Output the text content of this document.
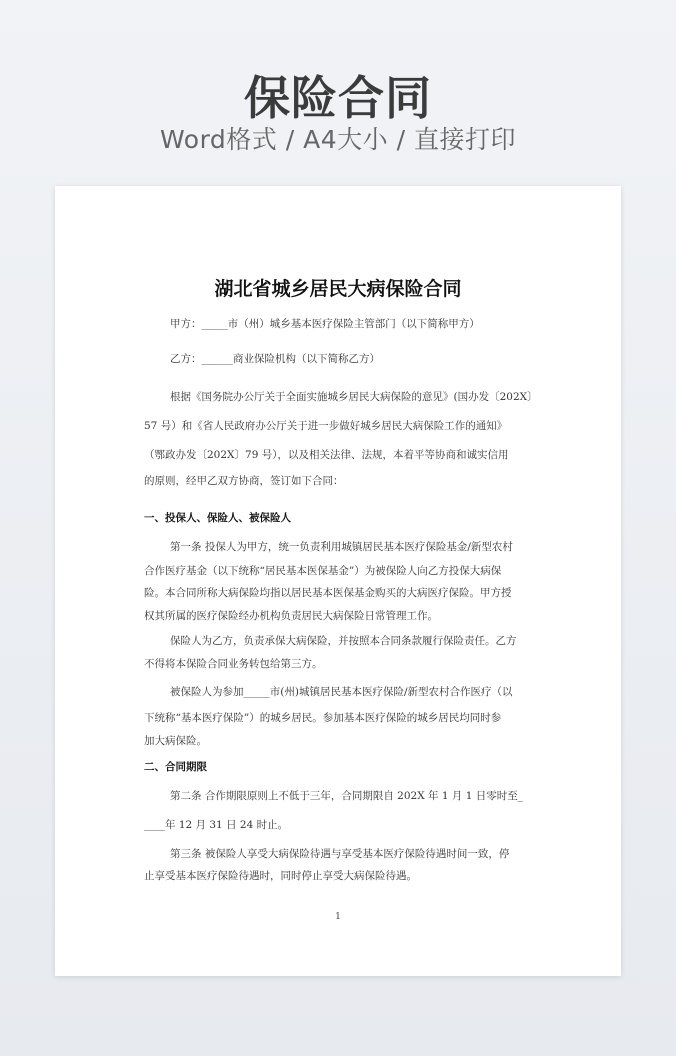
保险合同
Word格式 / A4大小 / 直接打印
湖北省城乡居民大病保险合同
甲方：_____市（州）城乡基本医疗保险主管部门（以下简称甲方）
乙方：______商业保险机构（以下简称乙方）
根据《国务院办公厅关于全面实施城乡居民大病保险的意见》(国办发〔202X〕
57 号）和《省人民政府办公厅关于进一步做好城乡居民大病保险工作的通知》
（鄂政办发〔202X〕79 号），以及相关法律、法规，本着平等协商和诚实信用
的原则，经甲乙双方协商，签订如下合同：
一、投保人、保险人、被保险人
第一条 投保人为甲方，统一负责利用城镇居民基本医疗保险基金/新型农村
合作医疗基金（以下统称“居民基本医保基金”）为被保险人向乙方投保大病保
险。本合同所称大病保险均指以居民基本医保基金购买的大病医疗保险。甲方授
权其所属的医疗保险经办机构负责居民大病保险日常管理工作。
保险人为乙方，负责承保大病保险，并按照本合同条款履行保险责任。乙方
不得将本保险合同业务转包给第三方。
被保险人为参加_____市(州)城镇居民基本医疗保险/新型农村合作医疗（以
下统称“基本医疗保险”）的城乡居民。参加基本医疗保险的城乡居民均同时参
加大病保险。
二、合同期限
第二条 合作期限原则上不低于三年，合同期限自 202X 年 1 月 1 日零时至_
____年 12 月 31 日 24 时止。
第三条 被保险人享受大病保险待遇与享受基本医疗保险待遇时间一致，停
止享受基本医疗保险待遇时，同时停止享受大病保险待遇。
1
